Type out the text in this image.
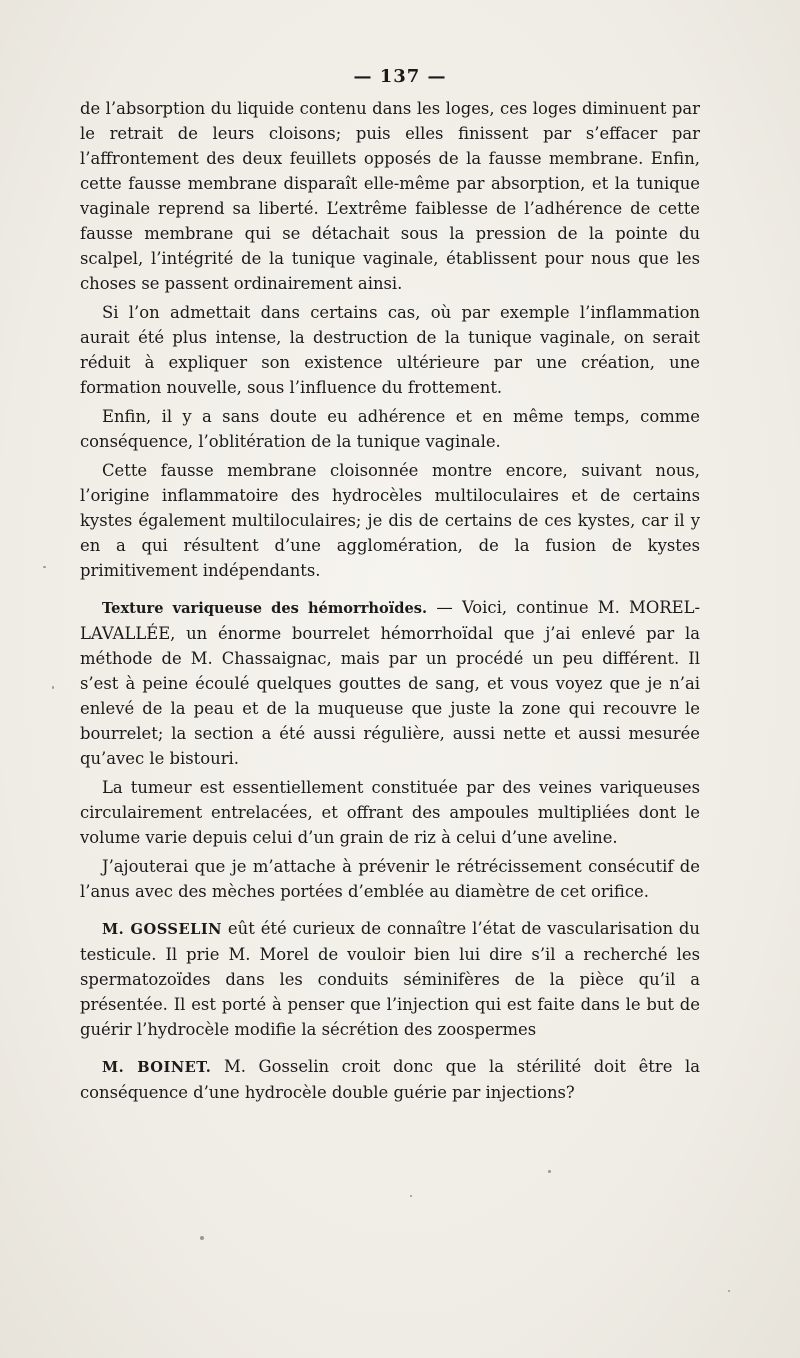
— 137 —

de l’absorption du liquide contenu dans les loges, ces loges diminuent par le retrait de leurs cloisons; puis elles finissent par s’effacer par l’affrontement des deux feuillets opposés de la fausse membrane. Enfin, cette fausse membrane disparaît elle-même par absorption, et la tunique vaginale reprend sa liberté. L’extrême faiblesse de l’adhérence de cette fausse membrane qui se détachait sous la pression de la pointe du scalpel, l’intégrité de la tunique vaginale, établissent pour nous que les choses se passent ordinairement ainsi.

Si l’on admettait dans certains cas, où par exemple l’inflammation aurait été plus intense, la destruction de la tunique vaginale, on serait réduit à expliquer son existence ultérieure par une création, une formation nouvelle, sous l’influence du frottement.

Enfin, il y a sans doute eu adhérence et en même temps, comme conséquence, l’oblitération de la tunique vaginale.

Cette fausse membrane cloisonnée montre encore, suivant nous, l’origine inflammatoire des hydrocèles multiloculaires et de certains kystes également multiloculaires; je dis de certains de ces kystes, car il y en a qui résultent d’une agglomération, de la fusion de kystes primitivement indépendants.

Texture variqueuse des hémorrhoïdes. — Voici, continue M. MOREL-LAVALLÉE, un énorme bourrelet hémorrhoïdal que j’ai enlevé par la méthode de M. Chassaignac, mais par un procédé un peu différent. Il s’est à peine écoulé quelques gouttes de sang, et vous voyez que je n’ai enlevé de la peau et de la muqueuse que juste la zone qui recouvre le bourrelet; la section a été aussi régulière, aussi nette et aussi mesurée qu’avec le bistouri.

La tumeur est essentiellement constituée par des veines variqueuses circulairement entrelacées, et offrant des ampoules multipliées dont le volume varie depuis celui d’un grain de riz à celui d’une aveline.

J’ajouterai que je m’attache à prévenir le rétrécissement consécutif de l’anus avec des mèches portées d’emblée au diamètre de cet orifice.

M. GOSSELIN eût été curieux de connaître l’état de vascularisation du testicule. Il prie M. Morel de vouloir bien lui dire s’il a recherché les spermatozoïdes dans les conduits séminifères de la pièce qu’il a présentée. Il est porté à penser que l’injection qui est faite dans le but de guérir l’hydrocèle modifie la sécrétion des zoospermes

M. BOINET. M. Gosselin croit donc que la stérilité doit être la conséquence d’une hydrocèle double guérie par injections?
